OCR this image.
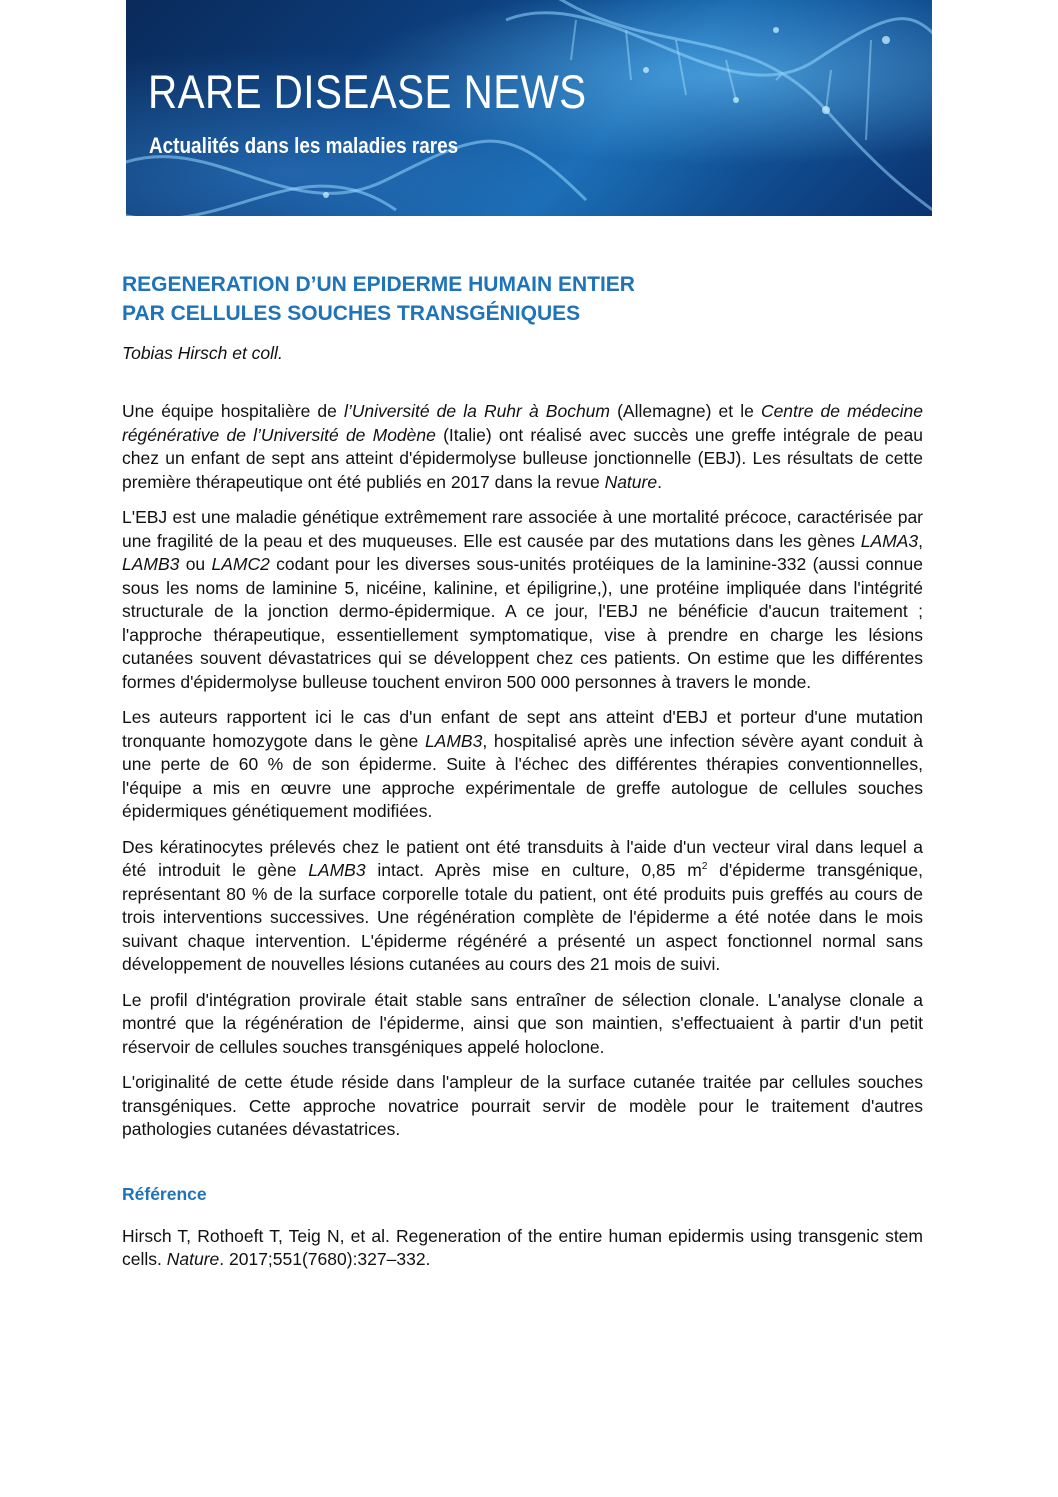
RARE DISEASE NEWS
Actualités dans les maladies rares
REGENERATION D’UN EPIDERME HUMAIN ENTIER
PAR CELLULES SOUCHES TRANSGÉNIQUES
Tobias Hirsch et coll.

Une équipe hospitalière de l’Université de la Ruhr à Bochum (Allemagne) et le Centre de médecine régénérative de l’Université de Modène (Italie) ont réalisé avec succès une greffe intégrale de peau chez un enfant de sept ans atteint d'épidermolyse bulleuse jonctionnelle (EBJ). Les résultats de cette première thérapeutique ont été publiés en 2017 dans la revue Nature.

L'EBJ est une maladie génétique extrêmement rare associée à une mortalité précoce, caractérisée par une fragilité de la peau et des muqueuses. Elle est causée par des mutations dans les gènes LAMA3, LAMB3 ou LAMC2 codant pour les diverses sous-unités protéiques de la laminine-332 (aussi connue sous les noms de laminine 5, nicéine, kalinine, et épiligrine,), une protéine impliquée dans l'intégrité structurale de la jonction dermo-épidermique. A ce jour, l'EBJ ne bénéficie d'aucun traitement ; l'approche thérapeutique, essentiellement symptomatique, vise à prendre en charge les lésions cutanées souvent dévastatrices qui se développent chez ces patients. On estime que les différentes formes d'épidermolyse bulleuse touchent environ 500 000 personnes à travers le monde.

Les auteurs rapportent ici le cas d'un enfant de sept ans atteint d'EBJ et porteur d'une mutation tronquante homozygote dans le gène LAMB3, hospitalisé après une infection sévère ayant conduit à une perte de 60 % de son épiderme. Suite à l'échec des différentes thérapies conventionnelles, l'équipe a mis en œuvre une approche expérimentale de greffe autologue de cellules souches épidermiques génétiquement modifiées.

Des kératinocytes prélevés chez le patient ont été transduits à l'aide d'un vecteur viral dans lequel a été introduit le gène LAMB3 intact. Après mise en culture, 0,85 $m^2$ d'épiderme transgénique, représentant 80 % de la surface corporelle totale du patient, ont été produits puis greffés au cours de trois interventions successives. Une régénération complète de l'épiderme a été notée dans le mois suivant chaque intervention. L'épiderme régénéré a présenté un aspect fonctionnel normal sans développement de nouvelles lésions cutanées au cours des 21 mois de suivi.

Le profil d'intégration provirale était stable sans entraîner de sélection clonale. L'analyse clonale a montré que la régénération de l'épiderme, ainsi que son maintien, s'effectuaient à partir d'un petit réservoir de cellules souches transgéniques appelé holoclone.

L'originalité de cette étude réside dans l'ampleur de la surface cutanée traitée par cellules souches transgéniques. Cette approche novatrice pourrait servir de modèle pour le traitement d'autres pathologies cutanées dévastatrices.

Référence

Hirsch T, Rothoeft T, Teig N, et al. Regeneration of the entire human epidermis using transgenic stem cells. Nature. 2017;551(7680):327–332.
